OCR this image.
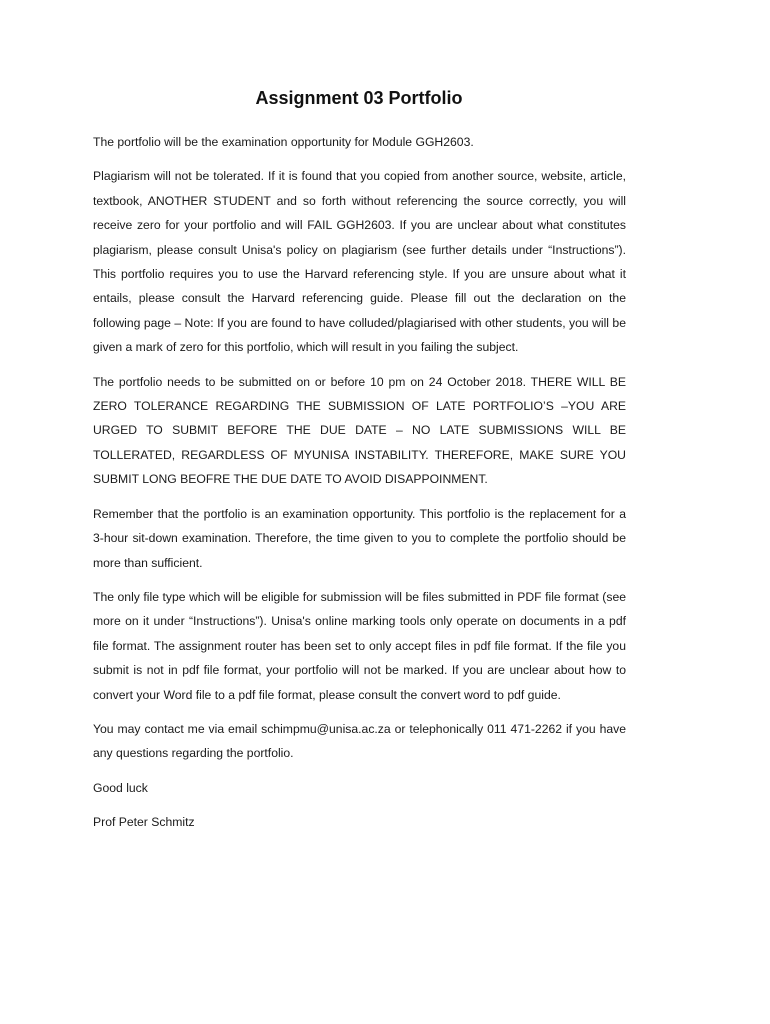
Assignment 03 Portfolio

The portfolio will be the examination opportunity for Module GGH2603.

Plagiarism will not be tolerated. If it is found that you copied from another source, website, article, textbook, ANOTHER STUDENT and so forth without referencing the source correctly, you will receive zero for your portfolio and will FAIL GGH2603. If you are unclear about what constitutes plagiarism, please consult Unisa's policy on plagiarism (see further details under “Instructions”). This portfolio requires you to use the Harvard referencing style. If you are unsure about what it entails, please consult the Harvard referencing guide. Please fill out the declaration on the following page – Note: If you are found to have colluded/plagiarised with other students, you will be given a mark of zero for this portfolio, which will result in you failing the subject.

The portfolio needs to be submitted on or before 10 pm on 24 October 2018. THERE WILL BE ZERO TOLERANCE REGARDING THE SUBMISSION OF LATE PORTFOLIO’S –YOU ARE URGED TO SUBMIT BEFORE THE DUE DATE – NO LATE SUBMISSIONS WILL BE TOLLERATED, REGARDLESS OF MYUNISA INSTABILITY. THEREFORE, MAKE SURE YOU SUBMIT LONG BEOFRE THE DUE DATE TO AVOID DISAPPOINMENT.

Remember that the portfolio is an examination opportunity. This portfolio is the replacement for a 3-hour sit-down examination. Therefore, the time given to you to complete the portfolio should be more than sufficient.

The only file type which will be eligible for submission will be files submitted in PDF file format (see more on it under “Instructions”). Unisa's online marking tools only operate on documents in a pdf file format. The assignment router has been set to only accept files in pdf file format. If the file you submit is not in pdf file format, your portfolio will not be marked. If you are unclear about how to convert your Word file to a pdf file format, please consult the convert word to pdf guide.

You may contact me via email schimpmu@unisa.ac.za or telephonically 011 471-2262 if you have any questions regarding the portfolio.

Good luck

Prof Peter Schmitz
